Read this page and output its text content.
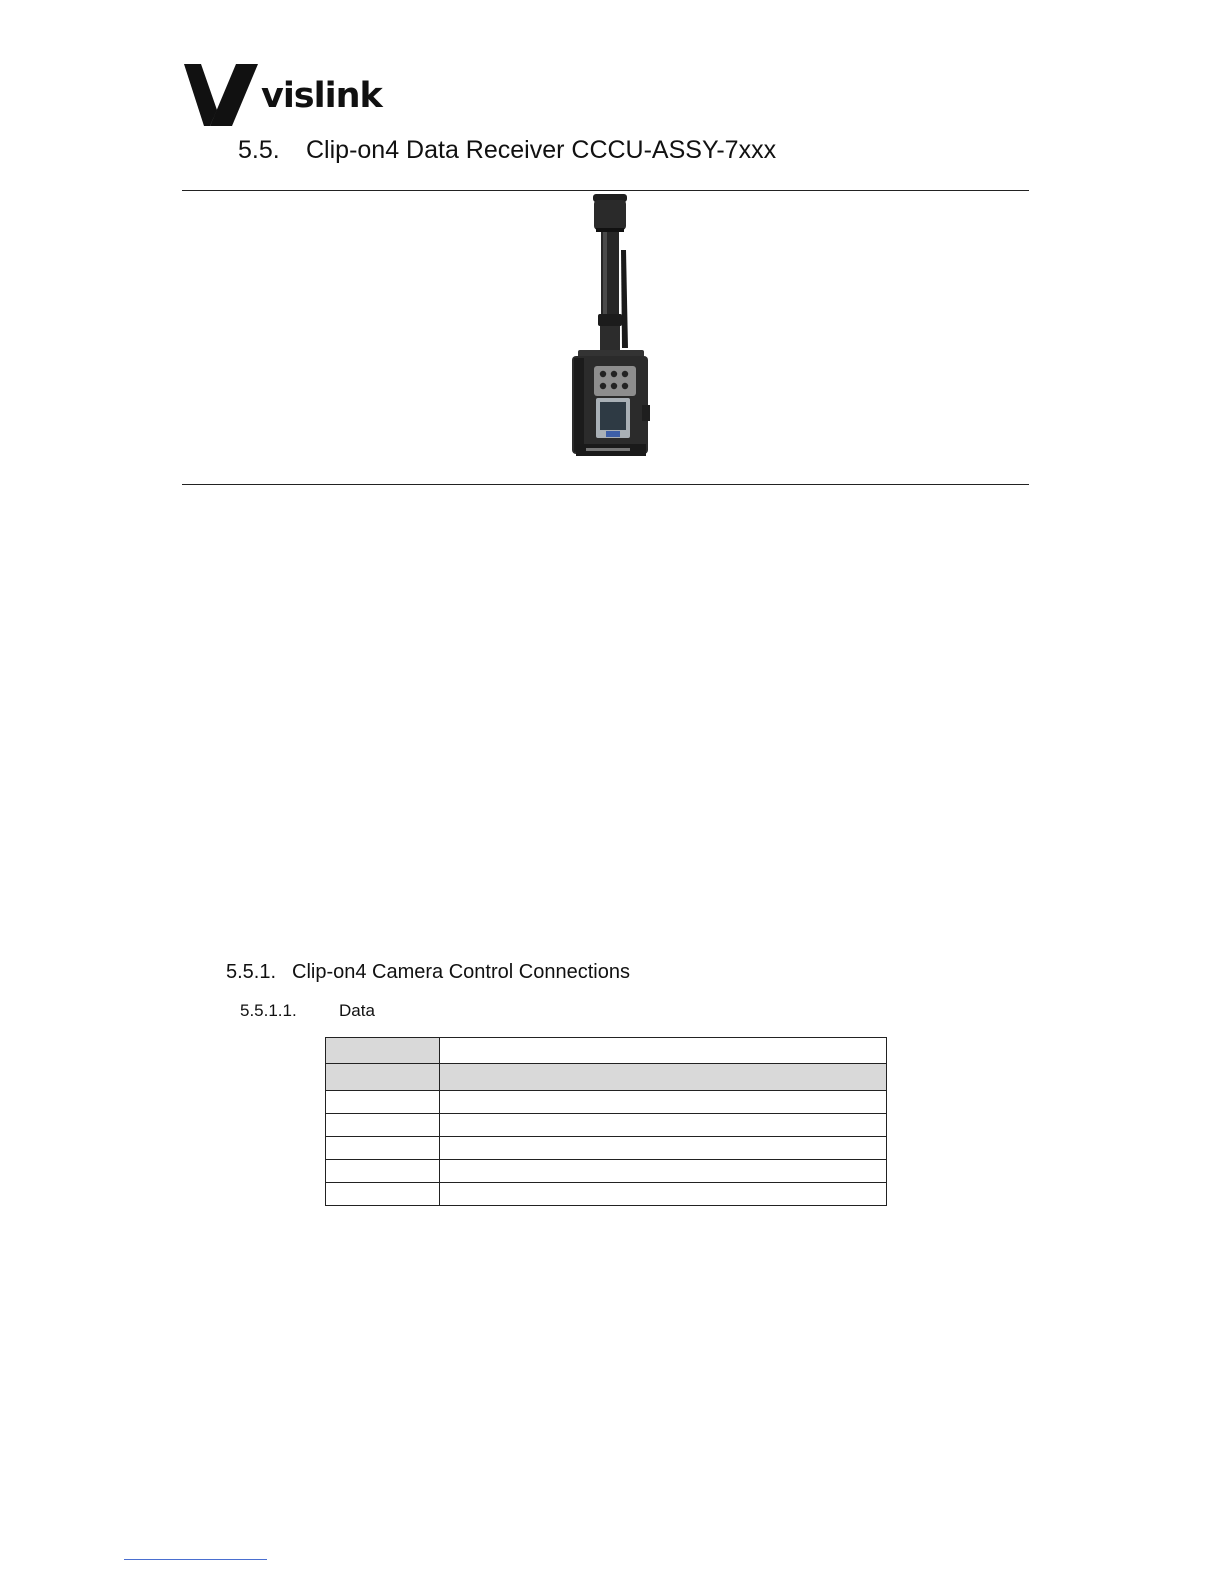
vislink
5.5. Clip-on4 Data Receiver CCCU-ASSY-7xxx
5.5.1. Clip-on4 Camera Control Connections
5.5.1.1. Data
